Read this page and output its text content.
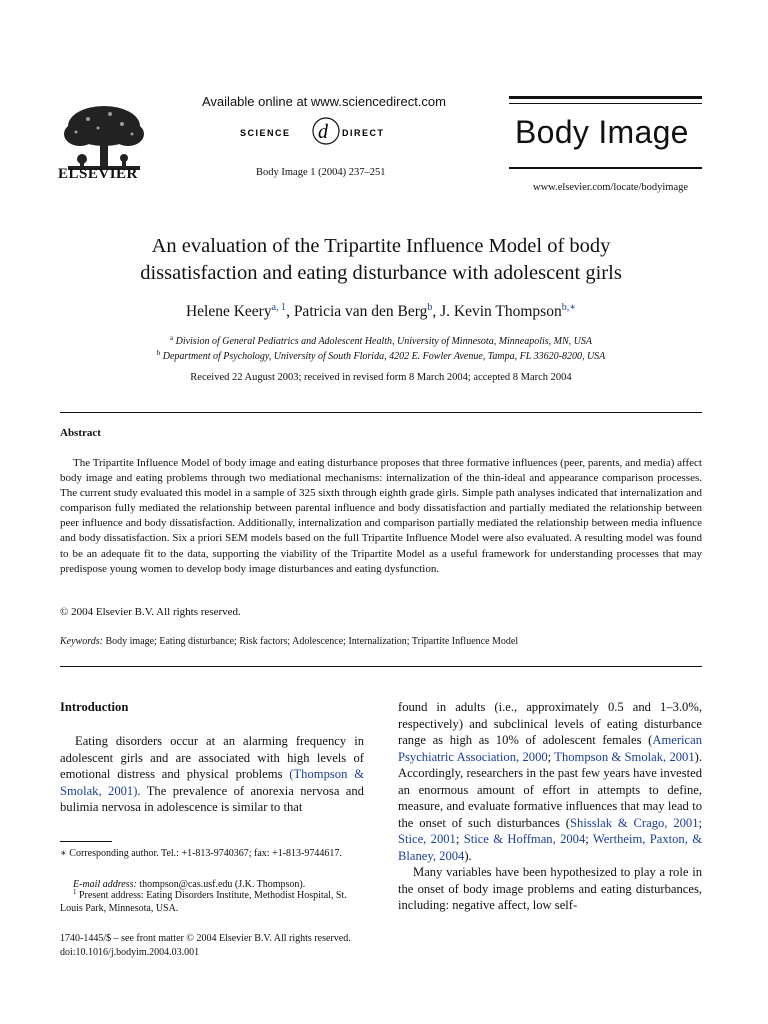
ELSEVIER
Available online at www.sciencedirect.com
SCIENCE d DIRECT
Body Image 1 (2004) 237–251
Body Image
www.elsevier.com/locate/bodyimage
An evaluation of the Tripartite Influence Model of body
dissatisfaction and eating disturbance with adolescent girls
Helene Keery$^{a, 1}$, Patricia van den Berg$^b$, J. Kevin Thompson$^{b,∗}$
$^a$ Division of General Pediatrics and Adolescent Health, University of Minnesota, Minneapolis, MN, USA
$^b$ Department of Psychology, University of South Florida, 4202 E. Fowler Avenue, Tampa, FL 33620-8200, USA
Received 22 August 2003; received in revised form 8 March 2004; accepted 8 March 2004
Abstract

The Tripartite Influence Model of body image and eating disturbance proposes that three formative influences (peer, parents, and media) affect body image and eating problems through two mediational mechanisms: internalization of the thin-ideal and appearance comparison processes. The current study evaluated this model in a sample of 325 sixth through eighth grade girls. Simple path analyses indicated that internalization and comparison fully mediated the relationship between parental influence and body dissatisfaction and partially mediated the relationship between peer influence and body dissatisfaction. Additionally, internalization and comparison partially mediated the relationship between media influence and body dissatisfaction. Six a priori SEM models based on the full Tripartite Influence Model were also evaluated. A resulting model was found to be an adequate fit to the data, supporting the viability of the Tripartite Model as a useful framework for understanding processes that may predispose young women to develop body image disturbances and eating dysfunction.

© 2004 Elsevier B.V. All rights reserved.
Keywords: Body image; Eating disturbance; Risk factors; Adolescence; Internalization; Tripartite Influence Model
Introduction

Eating disorders occur at an alarming frequency in adolescent girls and are associated with high levels of emotional distress and physical problems (Thompson & Smolak, 2001). The prevalence of anorexia nervosa and bulimia nervosa in adolescence is similar to that

found in adults (i.e., approximately 0.5 and 1–3.0%, respectively) and subclinical levels of eating disturbance range as high as 10% of adolescent females (American Psychiatric Association, 2000; Thompson & Smolak, 2001). Accordingly, researchers in the past few years have invested an enormous amount of effort in attempts to define, measure, and evaluate formative influences that may lead to the onset of such disturbances (Shisslak & Crago, 2001; Stice, 2001; Stice & Hoffman, 2004; Wertheim, Paxton, & Blaney, 2004).

Many variables have been hypothesized to play a role in the onset of body image problems and eating disturbances, including: negative affect, low self-

∗ Corresponding author. Tel.: +1-813-9740367; fax: +1-813-9744617.

E-mail address: thompson@cas.usf.edu (J.K. Thompson).

$^1$ Present address: Eating Disorders Institute, Methodist Hospital, St. Louis Park, Minnesota, USA.

1740-1445/$ – see front matter © 2004 Elsevier B.V. All rights reserved.
doi:10.1016/j.bodyim.2004.03.001
